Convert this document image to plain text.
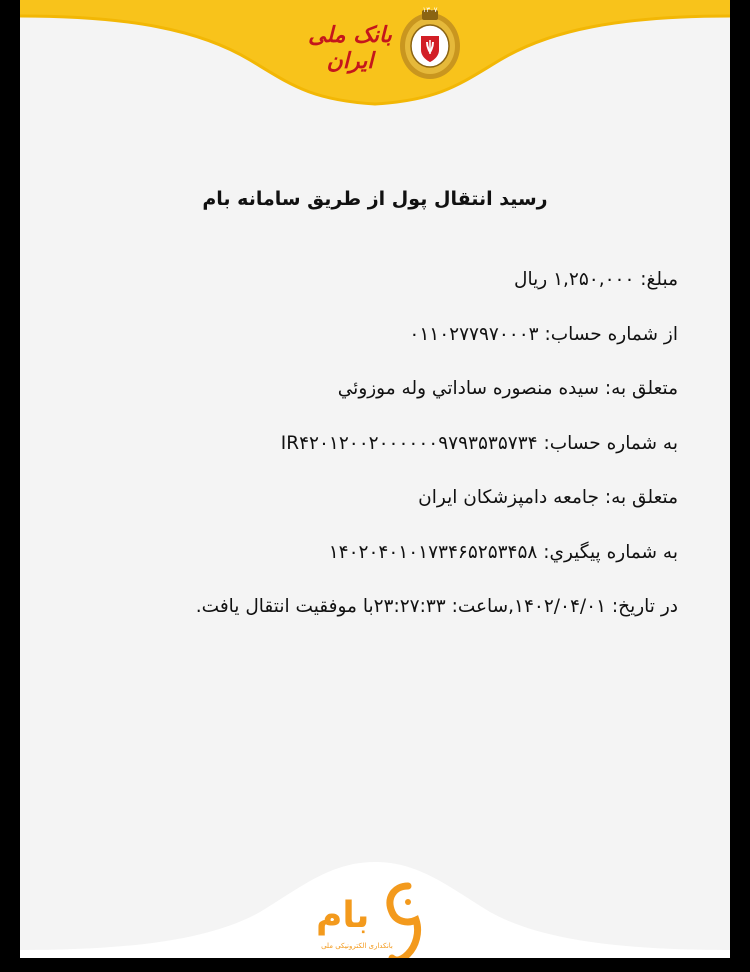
بانک ملی ایران
۱۳۰۷
رسید انتقال پول از طریق سامانه بام
مبلغ: ۱,۲۵۰,۰۰۰ ریال
از شماره حساب: ۰۱۱۰۲۷۷۹۷۰۰۰۳
متعلق به: سیده منصوره ساداتي وله موزوئي
به شماره حساب: IR۴۲۰۱۲۰۰۲۰۰۰۰۰۰۹۷۹۳۵۳۵۷۳۴
متعلق به: جامعه دامپزشكان ايران
به شماره پیگیري: ۱۴۰۲۰۴۰۱۰۱۷۳۴۶۵۲۵۳۴۵۸
در تاریخ: ۱۴۰۲/۰۴/۰۱,ساعت: ۲۳:۲۷:۳۳با موفقیت انتقال یافت.
بام
بانکداری الکترونیکی ملی
